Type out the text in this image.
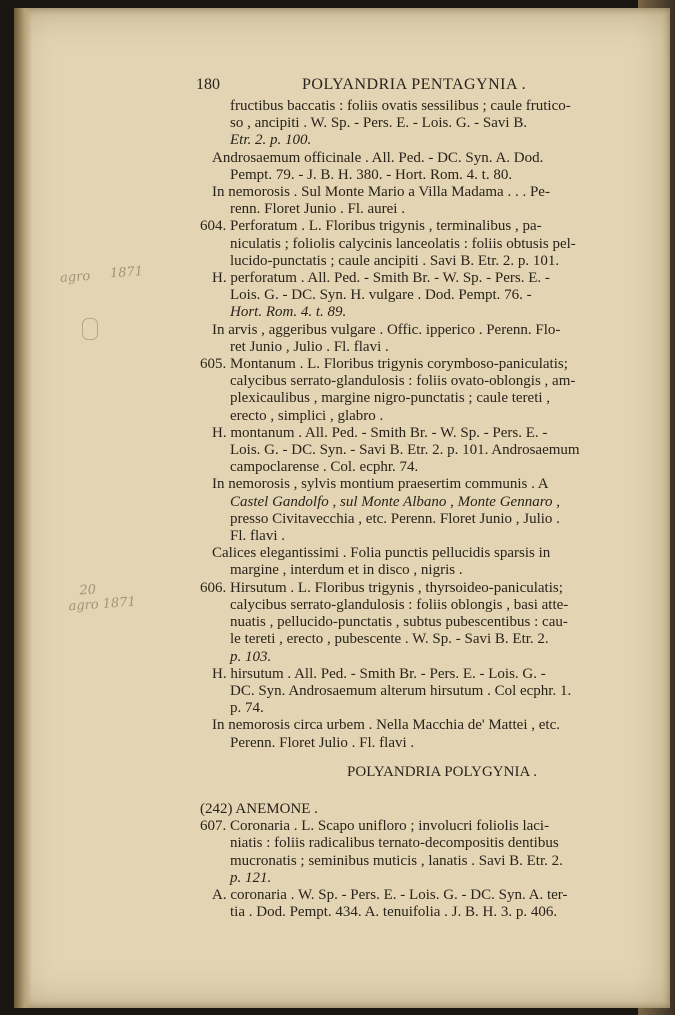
180	POLYANDRIA PENTAGYNIA .
agro	1871
20
agro 1871

fructibus baccatis : foliis ovatis sessilibus ; caule frutico-

so , ancipiti . W. Sp. - Pers. E. - Lois. G. - Savi B.

Etr. 2. p. 100.

Androsaemum officinale . All. Ped. - DC. Syn. A. Dod.

Pempt. 79. - J. B. H. 380. - Hort. Rom. 4. t. 80.

In nemorosis . Sul Monte Mario a Villa Madama . . . Pe-

renn. Floret Junio . Fl. aurei .

604. Perforatum . L. Floribus trigynis , terminalibus , pa-

niculatis ; foliolis calycinis lanceolatis : foliis obtusis pel-

lucido-punctatis ; caule ancipiti . Savi B. Etr. 2. p. 101.

H. perforatum . All. Ped. - Smith Br. - W. Sp. - Pers. E. -

Lois. G. - DC. Syn. H. vulgare . Dod. Pempt. 76. -

Hort. Rom. 4. t. 89.

In arvis , aggeribus vulgare . Offic. ipperico . Perenn. Flo-

ret Junio , Julio . Fl. flavi .

605. Montanum . L. Floribus trigynis corymboso-paniculatis;

calycibus serrato-glandulosis : foliis ovato-oblongis , am-

plexicaulibus , margine nigro-punctatis ; caule tereti ,

erecto , simplici , glabro .

H. montanum . All. Ped. - Smith Br. - W. Sp. - Pers. E. -

Lois. G. - DC. Syn. - Savi B. Etr. 2. p. 101. Androsaemum

campoclarense . Col. ecphr. 74.

In nemorosis , sylvis montium praesertim communis . A

Castel Gandolfo , sul Monte Albano , Monte Gennaro ,

presso Civitavecchia , etc. Perenn. Floret Junio , Julio .

Fl. flavi .

Calices elegantissimi . Folia punctis pellucidis sparsis in

margine , interdum et in disco , nigris .

606. Hirsutum . L. Floribus trigynis , thyrsoideo-paniculatis;

calycibus serrato-glandulosis : foliis oblongis , basi atte-

nuatis , pellucido-punctatis , subtus pubescentibus : cau-

le tereti , erecto , pubescente . W. Sp. - Savi B. Etr. 2.

p. 103.

H. hirsutum . All. Ped. - Smith Br. - Pers. E. - Lois. G. -

DC. Syn. Androsaemum alterum hirsutum . Col ecphr. 1.

p. 74.

In nemorosis circa urbem . Nella Macchia de' Mattei , etc.

Perenn. Floret Julio . Fl. flavi .

POLYANDRIA POLYGYNIA .

(242) ANEMONE .

607. Coronaria . L. Scapo unifloro ; involucri foliolis laci-

niatis : foliis radicalibus ternato-decompositis dentibus

mucronatis ; seminibus muticis , lanatis . Savi B. Etr. 2.

p. 121.

A. coronaria . W. Sp. - Pers. E. - Lois. G. - DC. Syn. A. ter-

tia . Dod. Pempt. 434. A. tenuifolia . J. B. H. 3. p. 406.
